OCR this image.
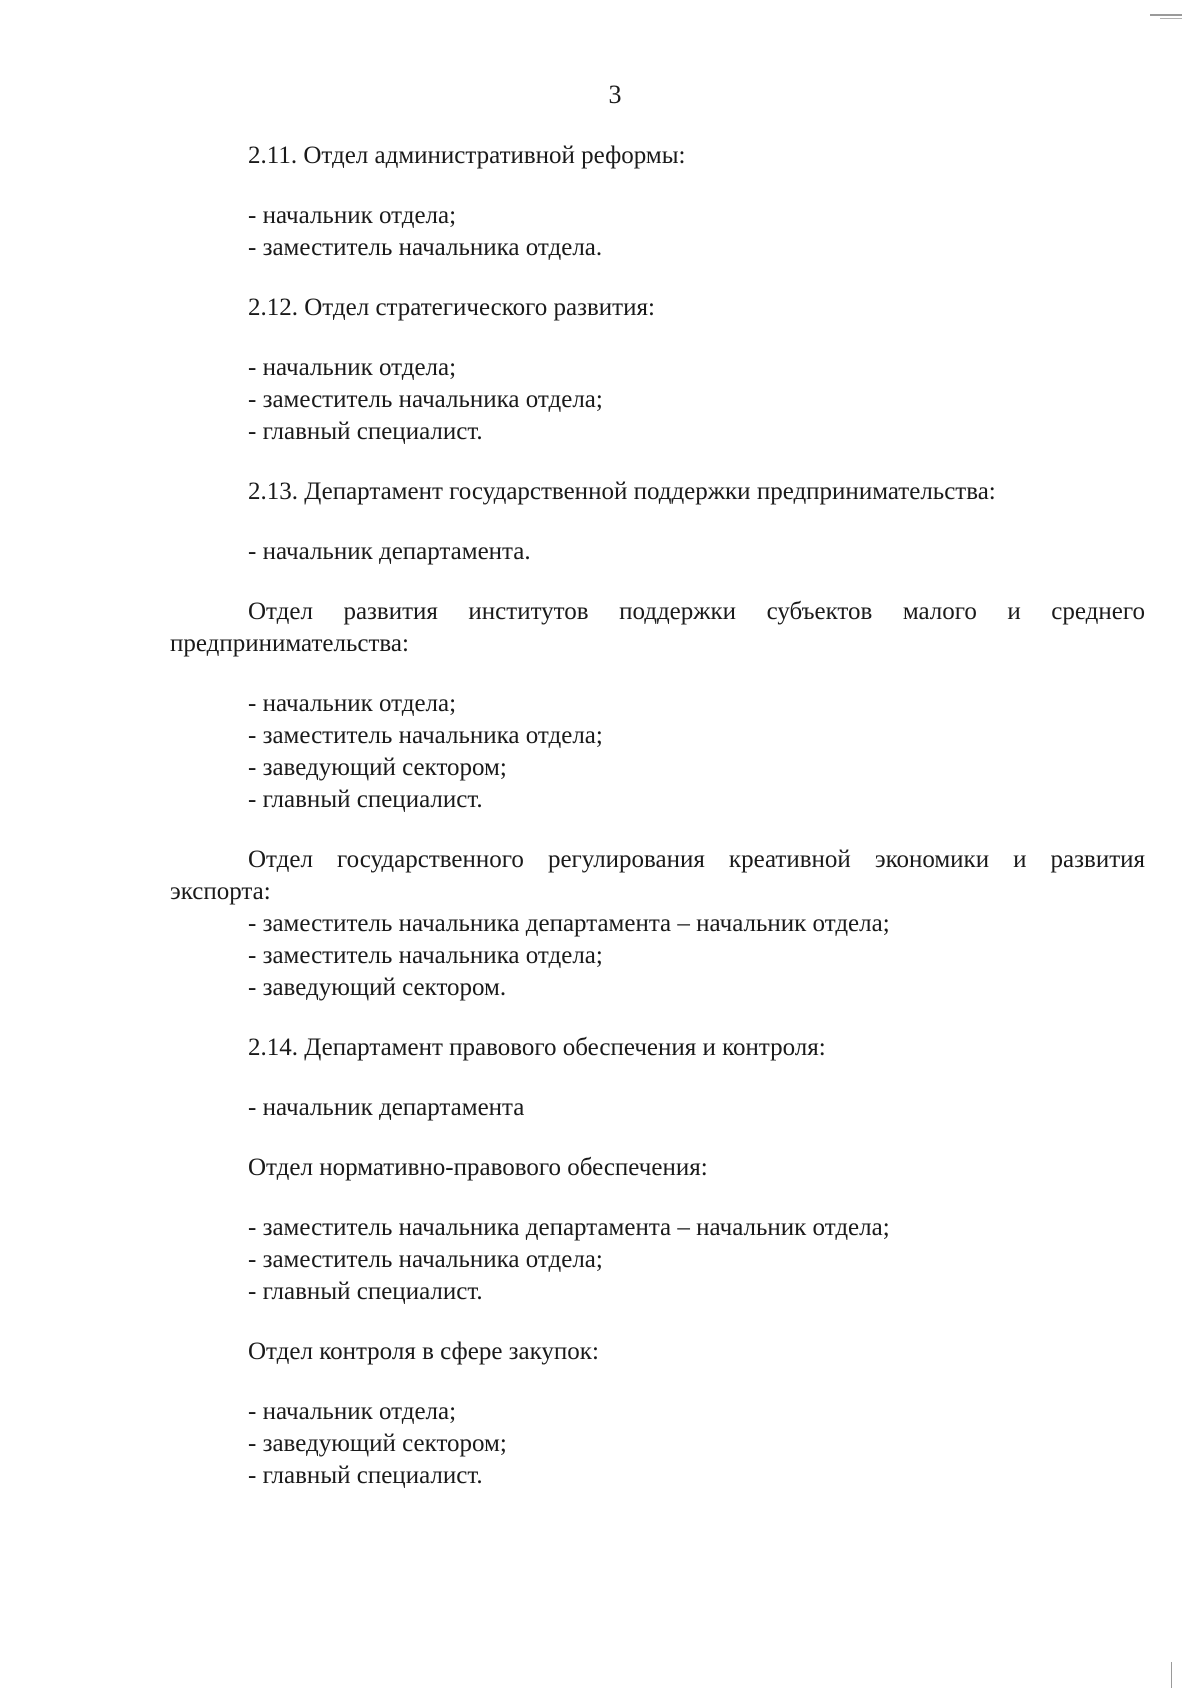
3

2.11. Отдел административной реформы:

- начальник отдела;
- заместитель начальника отдела.

2.12. Отдел стратегического развития:

- начальник отдела;
- заместитель начальника отдела;
- главный специалист.

2.13. Департамент государственной поддержки предпринимательства:

- начальник департамента.

Отдел развития институтов поддержки субъектов малого и среднего предпринимательства:

- начальник отдела;
- заместитель начальника отдела;
- заведующий сектором;
- главный специалист.

Отдел государственного регулирования креативной экономики и развития экспорта:

- заместитель начальника департамента – начальник отдела;
- заместитель начальника отдела;
- заведующий сектором.

2.14. Департамент правового обеспечения и контроля:

- начальник департамента

Отдел нормативно-правового обеспечения:

- заместитель начальника департамента – начальник отдела;
- заместитель начальника отдела;
- главный специалист.

Отдел контроля в сфере закупок:

- начальник отдела;
- заведующий сектором;
- главный специалист.
